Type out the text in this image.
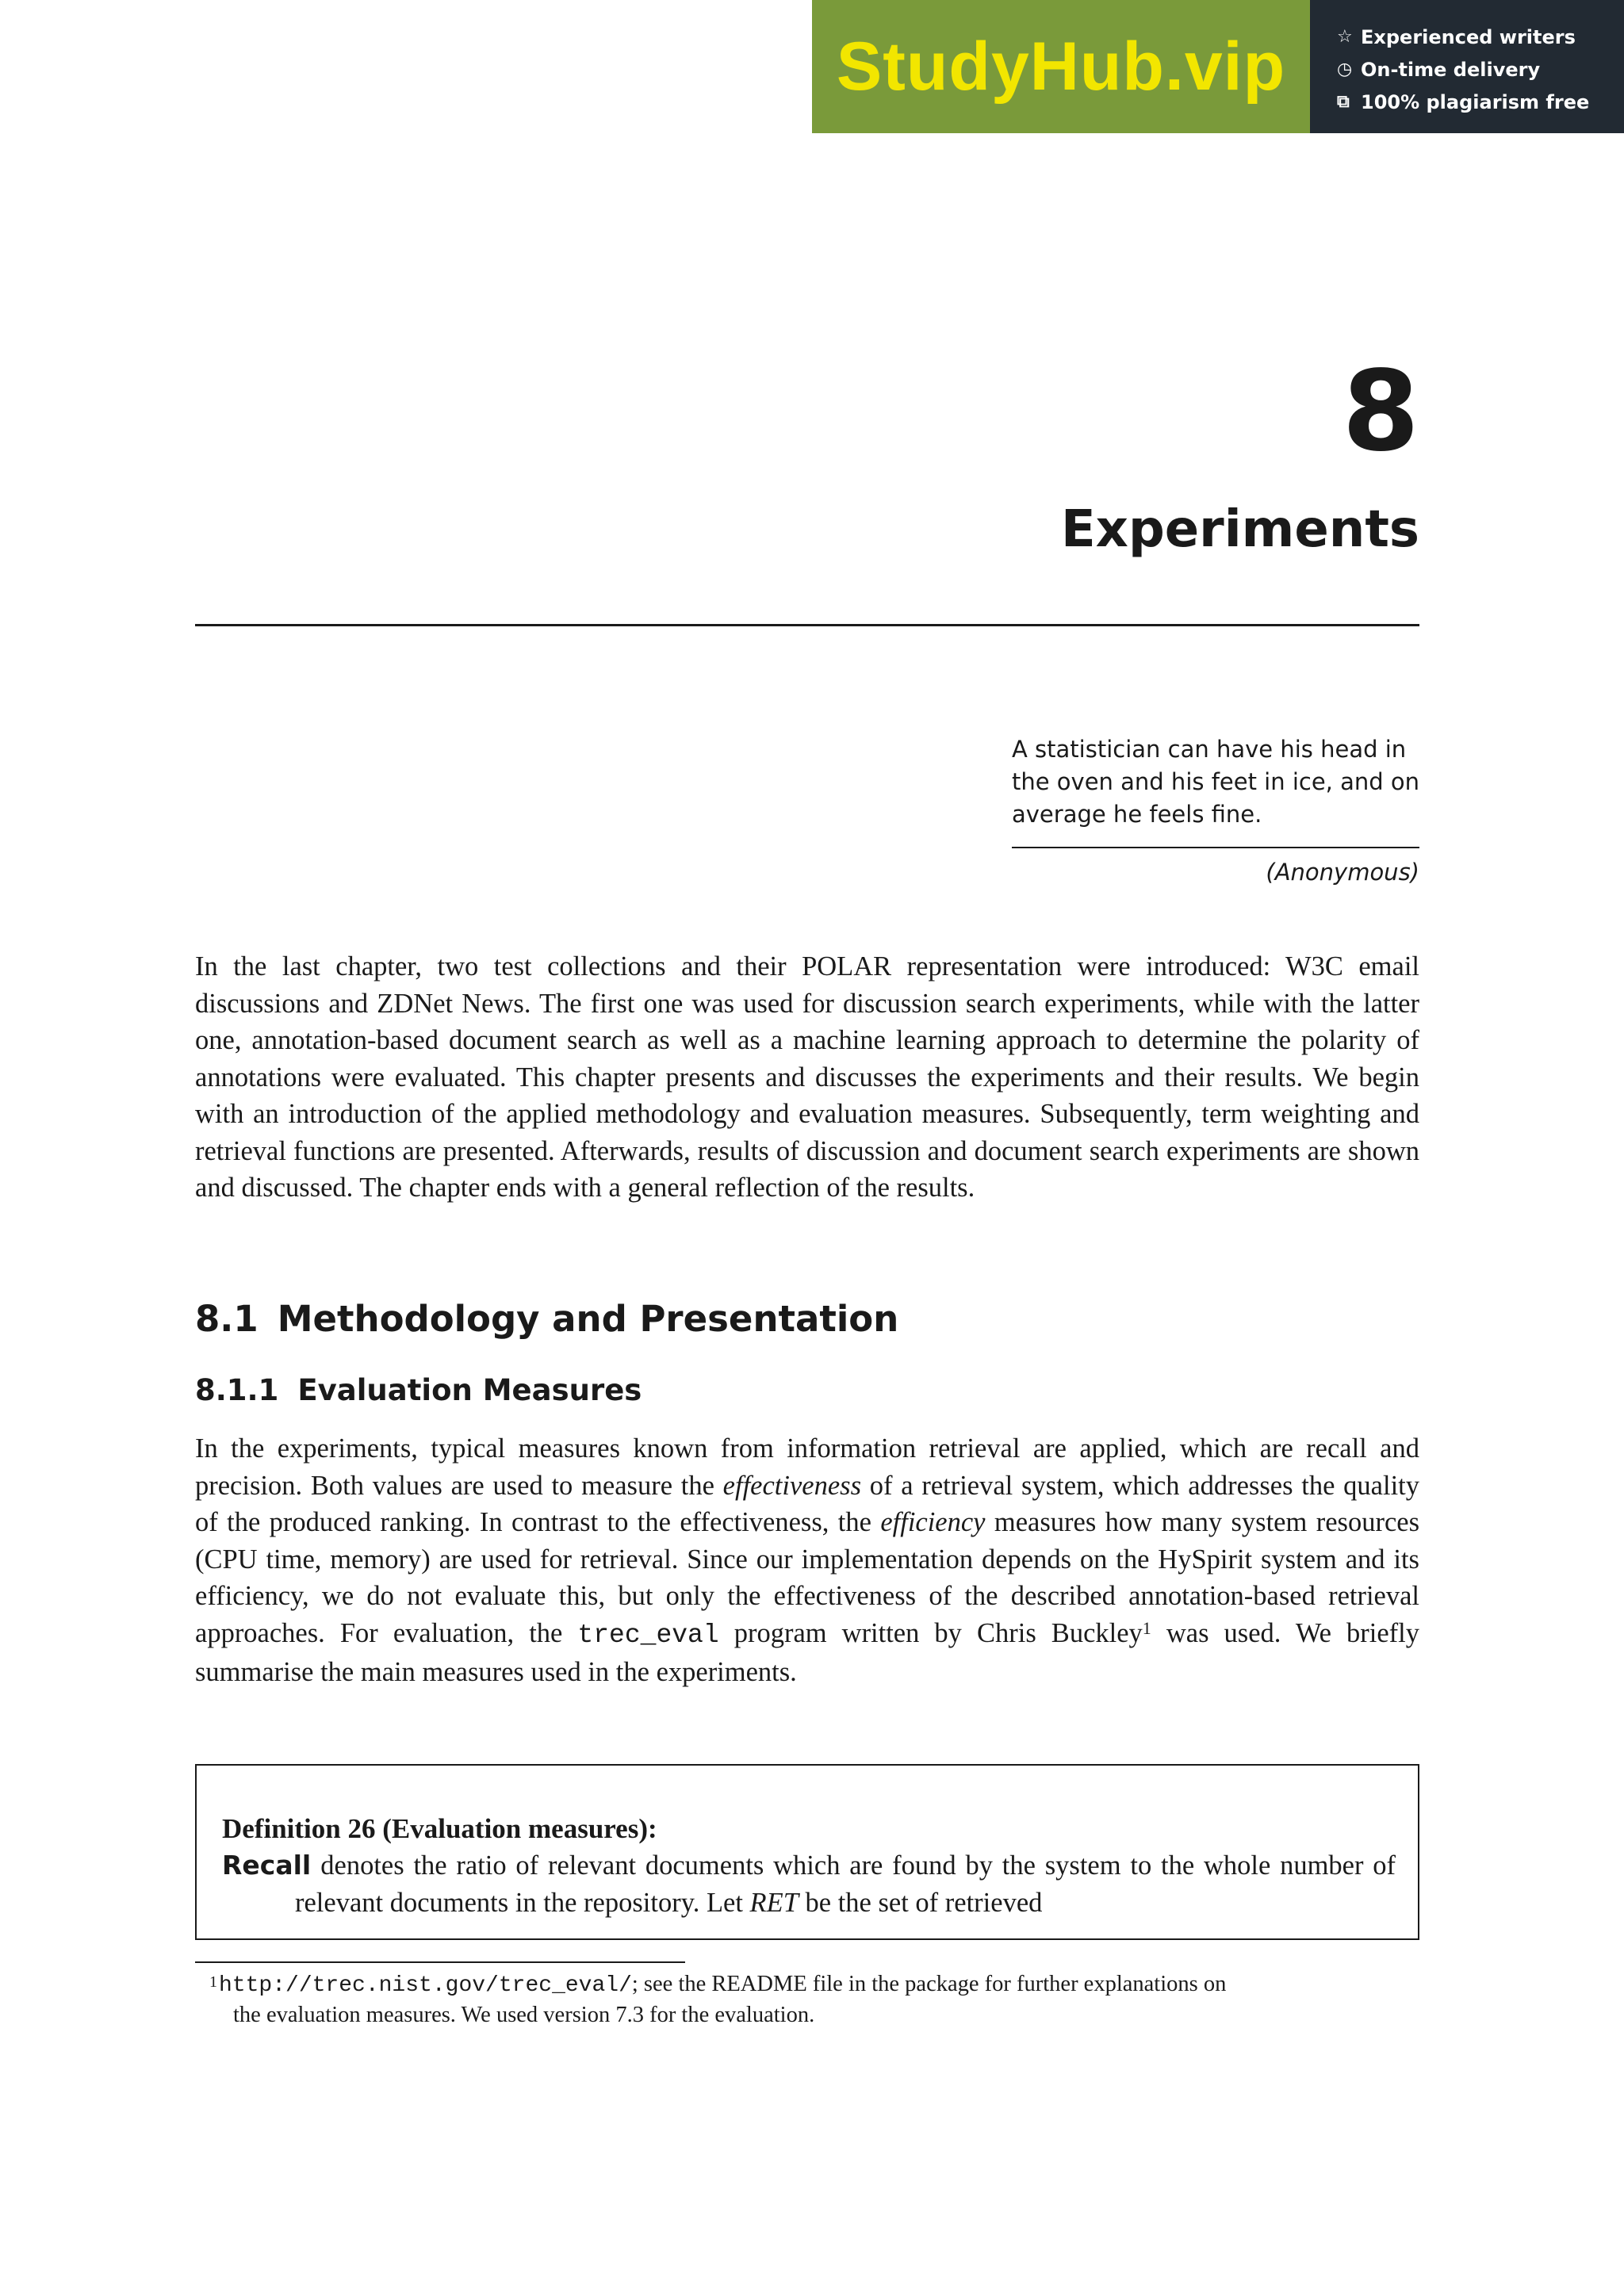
StudyHub.vip	☆ Experienced writers
◷ On-time delivery
⧉ 100% plagiarism free
8
Experiments
A statistician can have his head in the oven and his feet in ice, and on average he feels fine.
(Anonymous)

In the last chapter, two test collections and their POLAR representation were introduced: W3C email discussions and ZDNet News. The first one was used for discussion search experiments, while with the latter one, annotation-based document search as well as a machine learning approach to determine the polarity of annotations were evaluated. This chapter presents and discusses the experiments and their results. We begin with an introduction of the applied methodology and evaluation measures. Subsequently, term weighting and retrieval functions are presented. Afterwards, results of discussion and document search experiments are shown and discussed. The chapter ends with a general reflection of the results.

8.1 Methodology and Presentation
8.1.1 Evaluation Measures

In the experiments, typical measures known from information retrieval are applied, which are recall and precision. Both values are used to measure the effectiveness of a retrieval system, which addresses the quality of the produced ranking. In contrast to the effectiveness, the efficiency measures how many system resources (CPU time, memory) are used for retrieval. Since our implementation depends on the HySpirit system and its efficiency, we do not evaluate this, but only the effectiveness of the described annotation-based retrieval approaches. For evaluation, the trec_eval program written by Chris Buckley$^1$ was used. We briefly summarise the main measures used in the experiments.

Definition 26 (Evaluation measures):
Recall denotes the ratio of relevant documents which are found by the system to the whole number of relevant documents in the repository. Let RET be the set of retrieved
$^1$http://trec.nist.gov/trec_eval/; see the README file in the package for further explanations on
the evaluation measures. We used version 7.3 for the evaluation.
